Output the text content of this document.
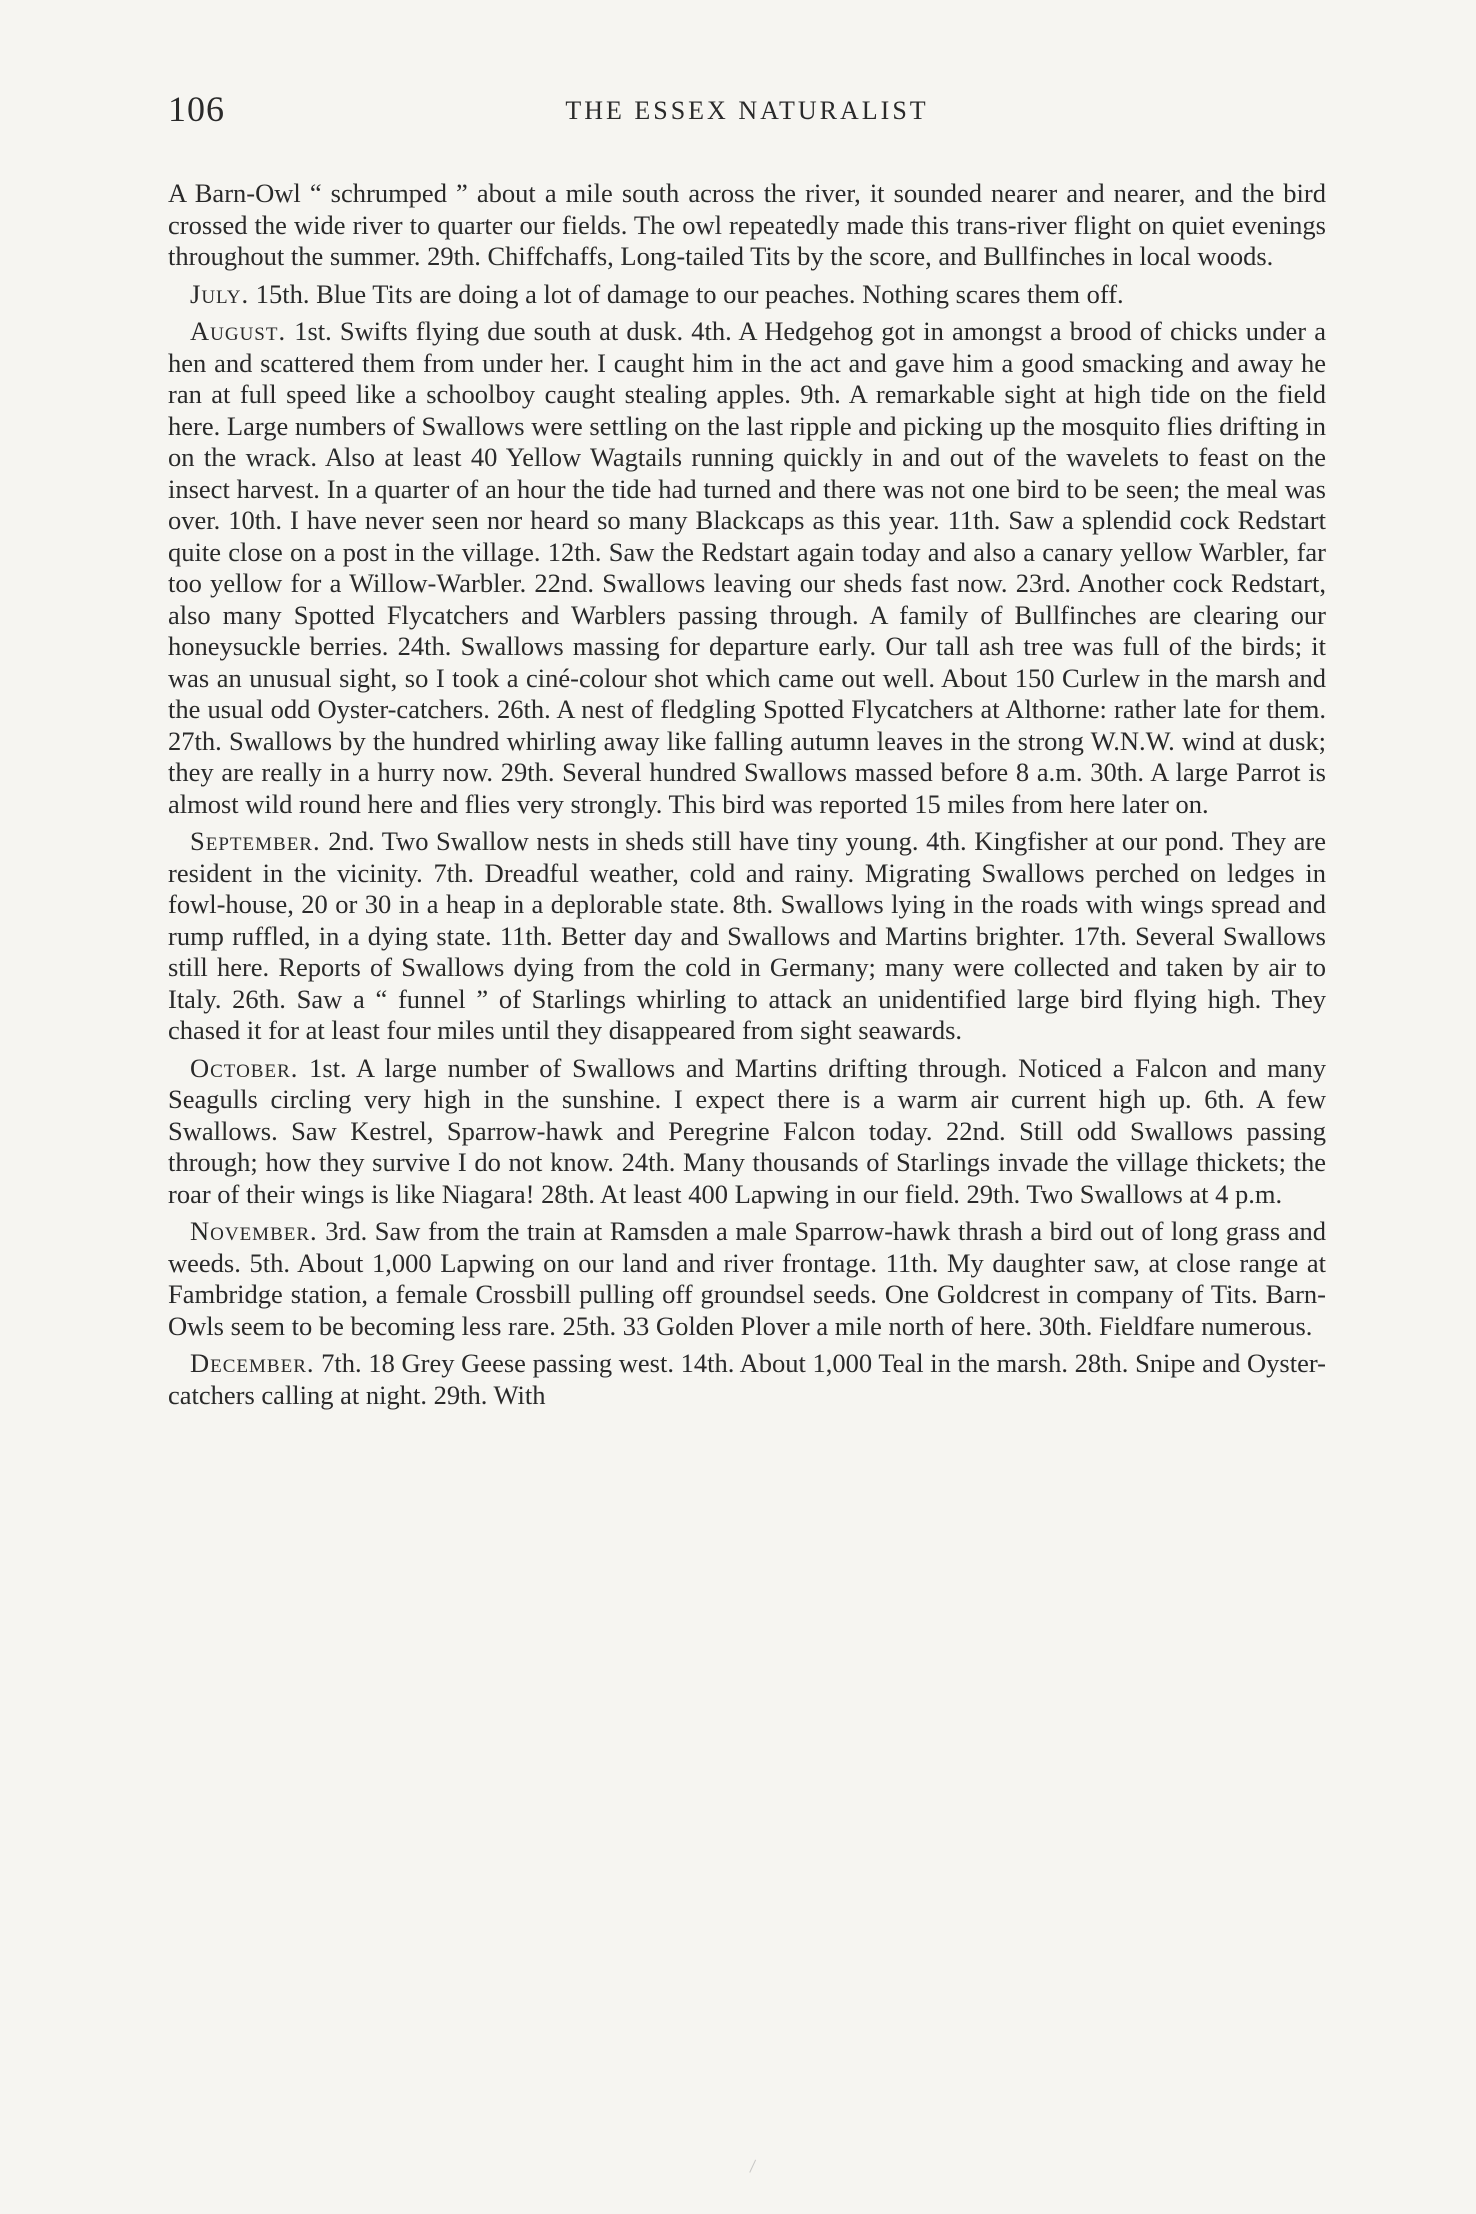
106	THE ESSEX NATURALIST

A Barn-Owl “ schrumped ” about a mile south across the river, it sounded nearer and nearer, and the bird crossed the wide river to quarter our fields. The owl repeatedly made this trans-river flight on quiet evenings throughout the summer. 29th. Chiffchaffs, Long-tailed Tits by the score, and Bullfinches in local woods.

July. 15th. Blue Tits are doing a lot of damage to our peaches. Nothing scares them off.

August. 1st. Swifts flying due south at dusk. 4th. A Hedgehog got in amongst a brood of chicks under a hen and scattered them from under her. I caught him in the act and gave him a good smacking and away he ran at full speed like a schoolboy caught stealing apples. 9th. A remarkable sight at high tide on the field here. Large numbers of Swallows were settling on the last ripple and picking up the mosquito flies drifting in on the wrack. Also at least 40 Yellow Wagtails running quickly in and out of the wavelets to feast on the insect harvest. In a quarter of an hour the tide had turned and there was not one bird to be seen; the meal was over. 10th. I have never seen nor heard so many Blackcaps as this year. 11th. Saw a splendid cock Redstart quite close on a post in the village. 12th. Saw the Redstart again today and also a canary yellow Warbler, far too yellow for a Willow-Warbler. 22nd. Swallows leaving our sheds fast now. 23rd. Another cock Redstart, also many Spotted Flycatchers and Warblers passing through. A family of Bullfinches are clearing our honeysuckle berries. 24th. Swallows massing for departure early. Our tall ash tree was full of the birds; it was an unusual sight, so I took a ciné-colour shot which came out well. About 150 Curlew in the marsh and the usual odd Oyster-catchers. 26th. A nest of fledgling Spotted Flycatchers at Althorne: rather late for them. 27th. Swallows by the hundred whirling away like falling autumn leaves in the strong W.N.W. wind at dusk; they are really in a hurry now. 29th. Several hundred Swallows massed before 8 a.m. 30th. A large Parrot is almost wild round here and flies very strongly. This bird was reported 15 miles from here later on.

September. 2nd. Two Swallow nests in sheds still have tiny young. 4th. Kingfisher at our pond. They are resident in the vicinity. 7th. Dreadful weather, cold and rainy. Migrating Swallows perched on ledges in fowl-house, 20 or 30 in a heap in a deplorable state. 8th. Swallows lying in the roads with wings spread and rump ruffled, in a dying state. 11th. Better day and Swallows and Martins brighter. 17th. Several Swallows still here. Reports of Swallows dying from the cold in Germany; many were collected and taken by air to Italy. 26th. Saw a “ funnel ” of Starlings whirling to attack an unidentified large bird flying high. They chased it for at least four miles until they disappeared from sight seawards.

October. 1st. A large number of Swallows and Martins drifting through. Noticed a Falcon and many Seagulls circling very high in the sunshine. I expect there is a warm air current high up. 6th. A few Swallows. Saw Kestrel, Sparrow-hawk and Peregrine Falcon today. 22nd. Still odd Swallows passing through; how they survive I do not know. 24th. Many thousands of Starlings invade the village thickets; the roar of their wings is like Niagara! 28th. At least 400 Lapwing in our field. 29th. Two Swallows at 4 p.m.

November. 3rd. Saw from the train at Ramsden a male Sparrow-hawk thrash a bird out of long grass and weeds. 5th. About 1,000 Lapwing on our land and river frontage. 11th. My daughter saw, at close range at Fambridge station, a female Crossbill pulling off groundsel seeds. One Goldcrest in company of Tits. Barn-Owls seem to be becoming less rare. 25th. 33 Golden Plover a mile north of here. 30th. Fieldfare numerous.

December. 7th. 18 Grey Geese passing west. 14th. About 1,000 Teal in the marsh. 28th. Snipe and Oyster-catchers calling at night. 29th. With
